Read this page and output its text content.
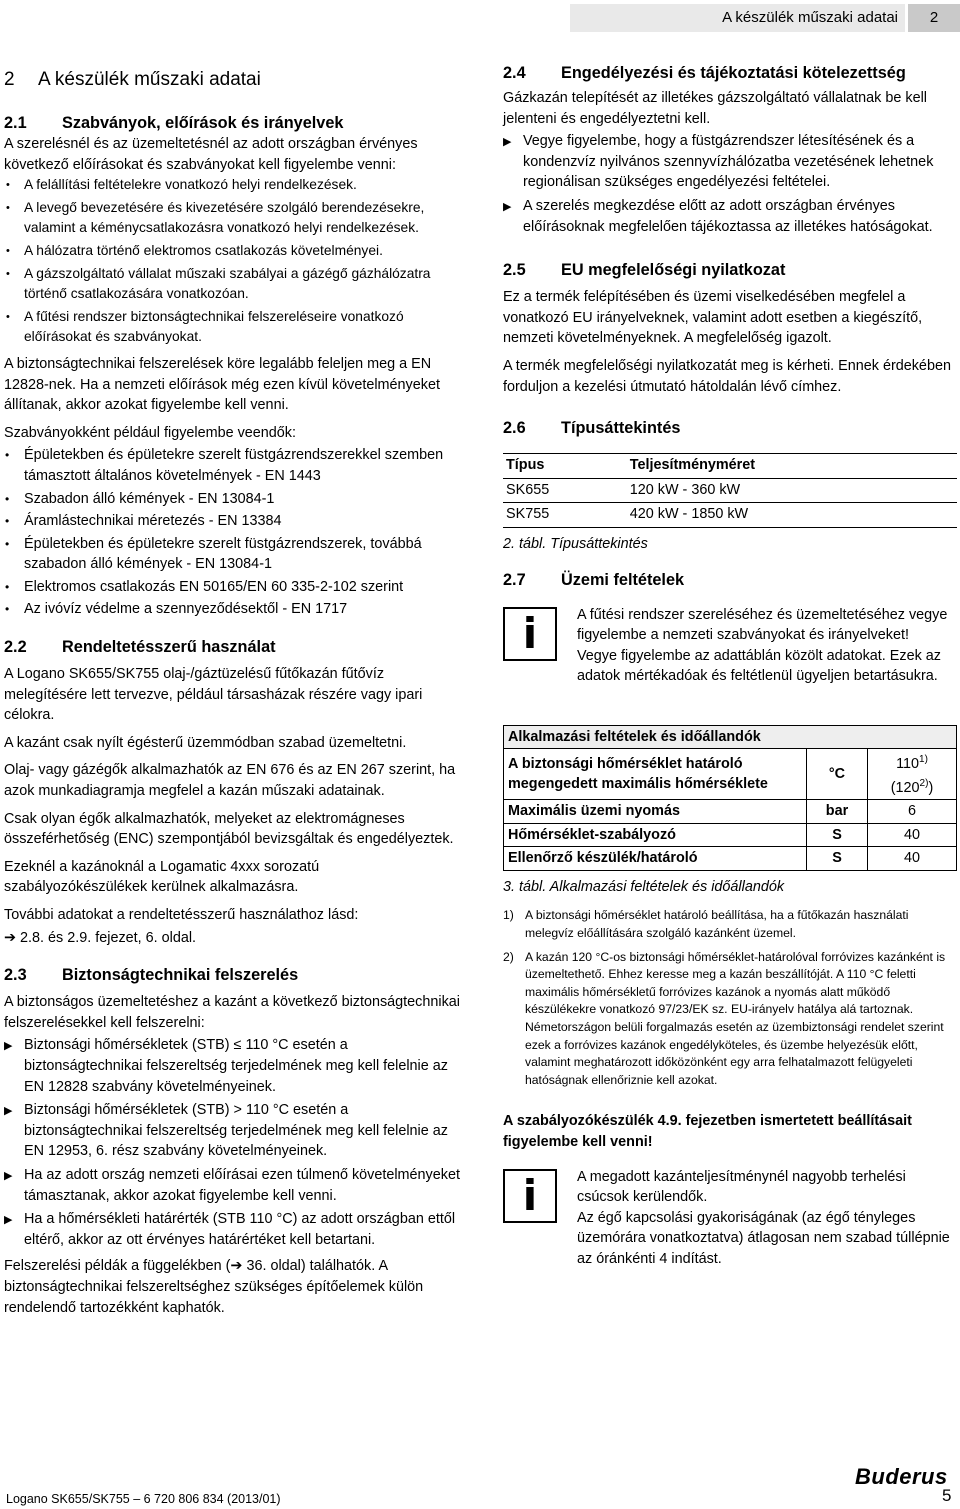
A készülék műszaki adatai	2
2 A készülék műszaki adatai
2.1	Szabványok, előírások és irányelvek

A szerelésnél és az üzemeltetésnél az adott országban érvényes következő előírásokat és szabványokat kell figyelembe venni:

• A felállítási feltételekre vonatkozó helyi rendelkezések.
• A levegő bevezetésére és kivezetésére szolgáló berendezésekre, valamint a kéménycsatlakozásra vonatkozó helyi rendelkezések.
• A hálózatra történő elektromos csatlakozás követelményei.
• A gázszolgáltató vállalat műszaki szabályai a gázégő gázhálózatra történő csatlakozására vonatkozóan.
• A fűtési rendszer biztonságtechnikai felszereléseire vonatkozó előírásokat és szabványokat.

A biztonságtechnikai felszerelések köre legalább feleljen meg a EN 12828-nek. Ha a nemzeti előírások még ezen kívül követelményeket állítanak, akkor azokat figyelembe kell venni.

Szabványokként például figyelembe veendők:

• Épületekben és épületekre szerelt füstgázrendszerekkel szemben támasztott általános követelmények - EN 1443
• Szabadon álló kémények - EN 13084-1
• Áramlástechnikai méretezés - EN 13384
• Épületekben és épületekre szerelt füstgázrendszerek, továbbá szabadon álló kémények - EN 13084-1
• Elektromos csatlakozás EN 50165/EN 60 335-2-102 szerint
• Az ivóvíz védelme a szennyeződésektől - EN 1717
2.2	Rendeltetésszerű használat

A Logano SK655/SK755 olaj-/gáztüzelésű fűtőkazán fűtővíz melegítésére lett tervezve, például társasházak részére vagy ipari célokra.

A kazánt csak nyílt égésterű üzemmódban szabad üzemeltetni.

Olaj- vagy gázégők alkalmazhatók az EN 676 és az EN 267 szerint, ha azok munkadiagramja megfelel a kazán műszaki adatainak.

Csak olyan égők alkalmazhatók, melyeket az elektromágneses összeférhetőség (ENC) szempontjából bevizsgáltak és engedélyeztek.

Ezeknél a kazánoknál a Logamatic 4xxx sorozatú szabályozókészülékek kerülnek alkalmazásra.

További adatokat a rendeltetésszerű használathoz lásd:

➔ 2.8. és 2.9. fejezet, 6. oldal.

2.3	Biztonságtechnikai felszerelés

A biztonságos üzemeltetéshez a kazánt a következő biztonságtechnikai felszerelésekkel kell felszerelni:

▶ Biztonsági hőmérsékletek (STB) ≤ 110 °C esetén a biztonságtechnikai felszereltség terjedelmének meg kell felelnie az EN 12828 szabvány követelményeinek.
▶ Biztonsági hőmérsékletek (STB) > 110 °C esetén a biztonságtechnikai felszereltség terjedelmének meg kell felelnie az EN 12953, 6. rész szabvány követelményeinek.
▶ Ha az adott ország nemzeti előírásai ezen túlmenő követelményeket támasztanak, akkor azokat figyelembe kell venni.
▶ Ha a hőmérsékleti határérték (STB 110 °C) az adott országban ettől eltérő, akkor az ott érvényes határértéket kell betartani.

Felszerelési példák a függelékben (➔ 36. oldal) találhatók. A biztonságtechnikai felszereltséghez szükséges építőelemek külön rendelendő tartozékként kaphatók.

2.4	Engedélyezési és tájékoztatási kötelezettség

Gázkazán telepítését az illetékes gázszolgáltató vállalatnak be kell jelenteni és engedélyeztetni kell.

▶ Vegye figyelembe, hogy a füstgázrendszer létesítésének és a kondenzvíz nyilvános szennyvízhálózatba vezetésének lehetnek regionálisan szükséges engedélyezési feltételei.
▶ A szerelés megkezdése előtt az adott országban érvényes előírásoknak megfelelően tájékoztassa az illetékes hatóságokat.
2.5	EU megfelelőségi nyilatkozat

Ez a termék felépítésében és üzemi viselkedésében megfelel a vonatkozó EU irányelveknek, valamint adott esetben a kiegészítő, nemzeti követelményeknek. A megfelelőség igazolt.

A termék megfelelőségi nyilatkozatát meg is kérheti. Ennek érdekében forduljon a kezelési útmutató hátoldalán lévő címhez.

2.6	Típusáttekintés
Típus	Teljesítményméret
SK655	120 kW - 360 kW
SK755	420 kW - 1850 kW
2. tábl. Típusáttekintés
2.7	Üzemi feltételek
i	A fűtési rendszer szereléséhez és üzemeltetéséhez vegye figyelembe a nemzeti szabványokat és irányelveket!
Vegye figyelembe az adattáblán közölt adatokat. Ezek az adatok mértékadóak és feltétlenül ügyeljen betartásukra.
Alkalmazási feltételek és időállandók		
A biztonsági hőmérséklet határoló megengedett maximális hőmérséklete	°C	110$^{1)}$
(120$^{2)}$)
Maximális üzemi nyomás	bar	6
Hőmérséklet-szabályozó	S	40
Ellenőrző készülék/határoló	S	40
3. tábl. Alkalmazási feltételek és időállandók
1) A biztonsági hőmérséklet határoló beállítása, ha a fűtőkazán használati melegvíz előállítására szolgáló kazánként üzemel.
2) A kazán 120 °C-os biztonsági hőmérséklet-határolóval forróvizes kazánként is üzemeltethető. Ehhez keresse meg a kazán beszállítóját. A 110 °C feletti maximális hőmérsékletű forróvizes kazánok a nyomás alatt működő készülékekre vonatkozó 97/23/EK sz. EU-irányelv hatálya alá tartoznak. Németországon belüli forgalmazás esetén az üzembiztonsági rendelet szerint ezek a forróvizes kazánok engedélyköteles, és üzembe helyezésük előtt, valamint meghatározott időközönként egy arra felhatalmazott felügyeleti hatóságnak ellenőriznie kell azokat.

A szabályozókészülék 4.9. fejezetben ismertetett beállításait figyelembe kell venni!

i	A megadott kazánteljesítménynél nagyobb terhelési csúcsok kerülendők.
Az égő kapcsolási gyakoriságának (az égő tényleges üzemórára vonatkoztatva) átlagosan nem szabad túllépnie az óránkénti 4 indítást.
Logano SK655/SK755 – 6 720 806 834 (2013/01)
Buderus
5
